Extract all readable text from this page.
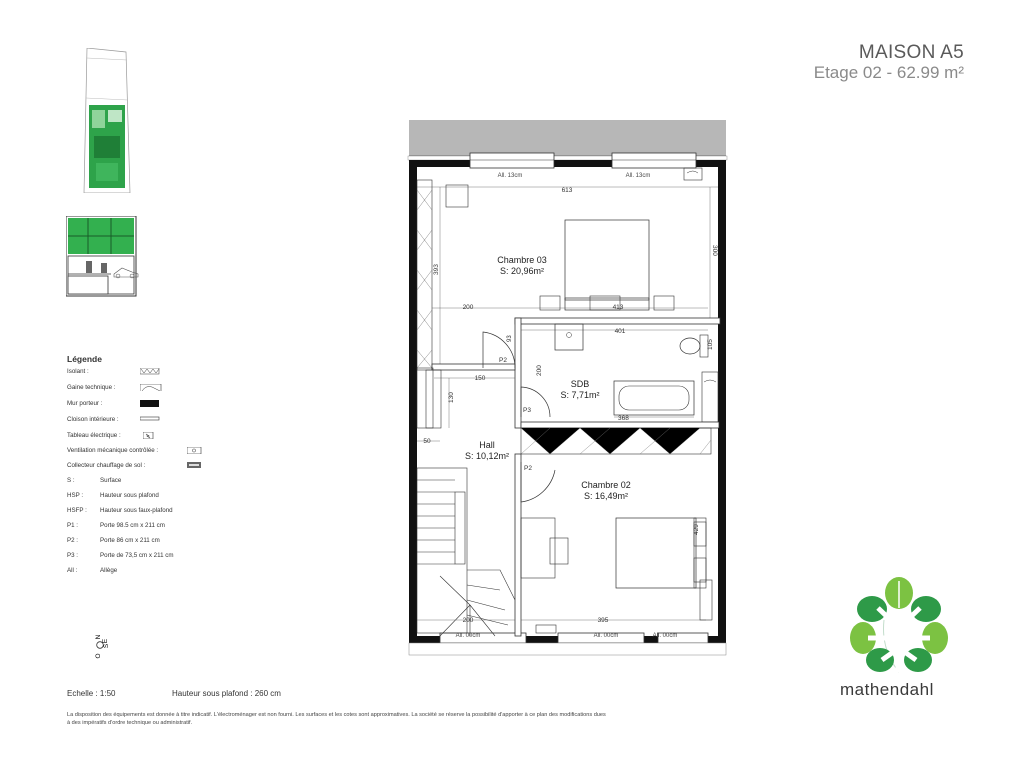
MAISON A5
Etage 02 - 62.99 m²
Légende
Isolant :
Gaine technique :
Mur porteur :
Cloison intérieure :
Tableau électrique :
Ventilation mécanique contrôlée :
Collecteur chauffage de sol :
S :	Surface
HSP :	Hauteur sous plafond
HSFP :	Hauteur sous faux-plafond
P1 :	Porte 98.5 cm x 211 cm
P2 :	Porte 86 cm x 211 cm
P3 :	Porte de 73,5 cm x 211 cm
All :	Allège
N
S
O
E
All. 13cm	All. 13cm
All. 00cm	All. 00cm	All. 00cm
613
300
393
Chambre 03
S: 20,96m²
200	413
P2
93
SDB
S: 7,71m²
401
105
200
368
P3
150
130
50	Hall
S: 10,12m²
P2
200
Chambre 02
S: 16,49m²
429
395
Echelle : 1:50	Hauteur sous plafond : 260 cm
La disposition des équipements est donnée à titre indicatif. L'électroménager est non fourni. Les surfaces et les cotes sont approximatives. La société se réserve la possibilité d'apporter à ce plan des modifications dues à des impératifs d'ordre technique ou administratif.
mathendahl
